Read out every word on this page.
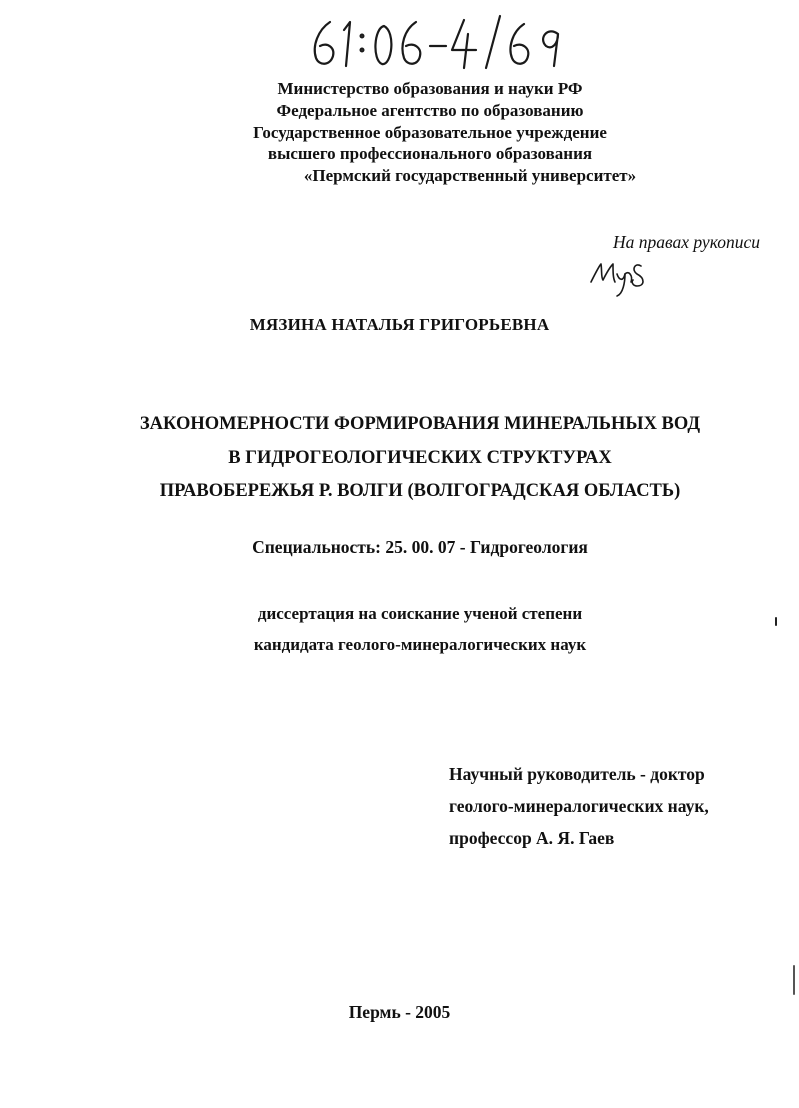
Министерство образования и науки РФ
Федеральное агентство по образованию
Государственное образовательное учреждение
высшего профессионального образования
«Пермский государственный университет»
На правах рукописи
МЯЗИНА НАТАЛЬЯ ГРИГОРЬЕВНА
ЗАКОНОМЕРНОСТИ ФОРМИРОВАНИЯ МИНЕРАЛЬНЫХ ВОД
В ГИДРОГЕОЛОГИЧЕСКИХ СТРУКТУРАХ
ПРАВОБЕРЕЖЬЯ Р. ВОЛГИ (ВОЛГОГРАДСКАЯ ОБЛАСТЬ)
Специальность: 25. 00. 07 - Гидрогеология
диссертация на соискание ученой степени
кандидата геолого-минералогических наук
Научный руководитель - доктор
геолого-минералогических наук,
профессор А. Я. Гаев
Пермь - 2005
